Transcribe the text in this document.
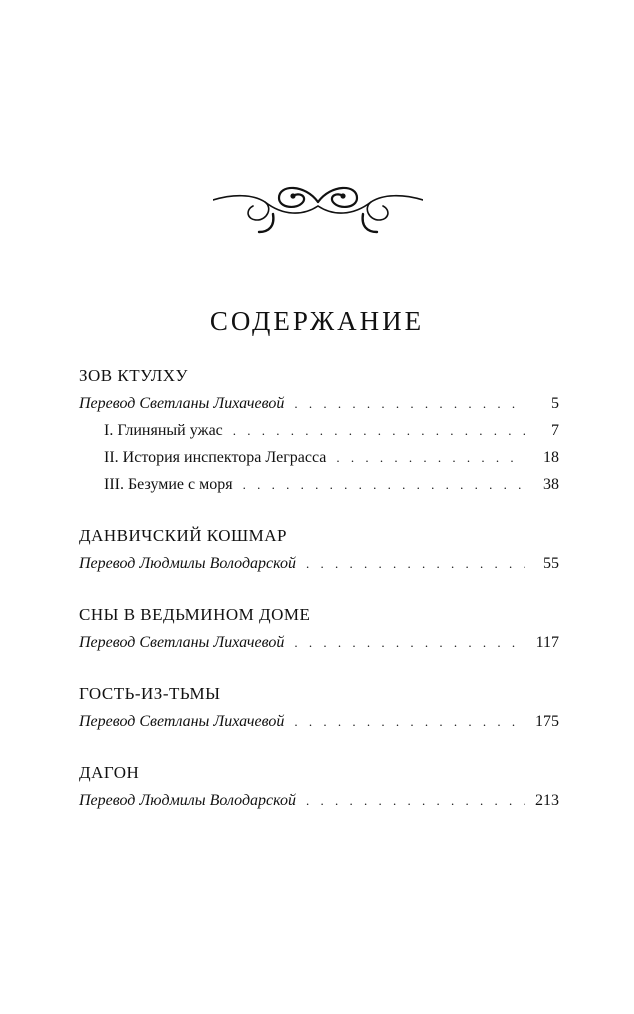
СОДЕРЖАНИЕ
ЗОВ КТУЛХУ
Перевод Светланы Лихачевой . . .	5
I. Глиняный ужас . . .	7
II. История инспектора Леграсса . . .	18
III. Безумие с моря . . .	38
ДАНВИЧСКИЙ КОШМАР
Перевод Людмилы Володарской . . .	55
СНЫ В ВЕДЬМИНОМ ДОМЕ
Перевод Светланы Лихачевой . . .	117
ГОСТЬ-ИЗ-ТЬМЫ
Перевод Светланы Лихачевой . . .	175
ДАГОН
Перевод Людмилы Володарской . . .	213
